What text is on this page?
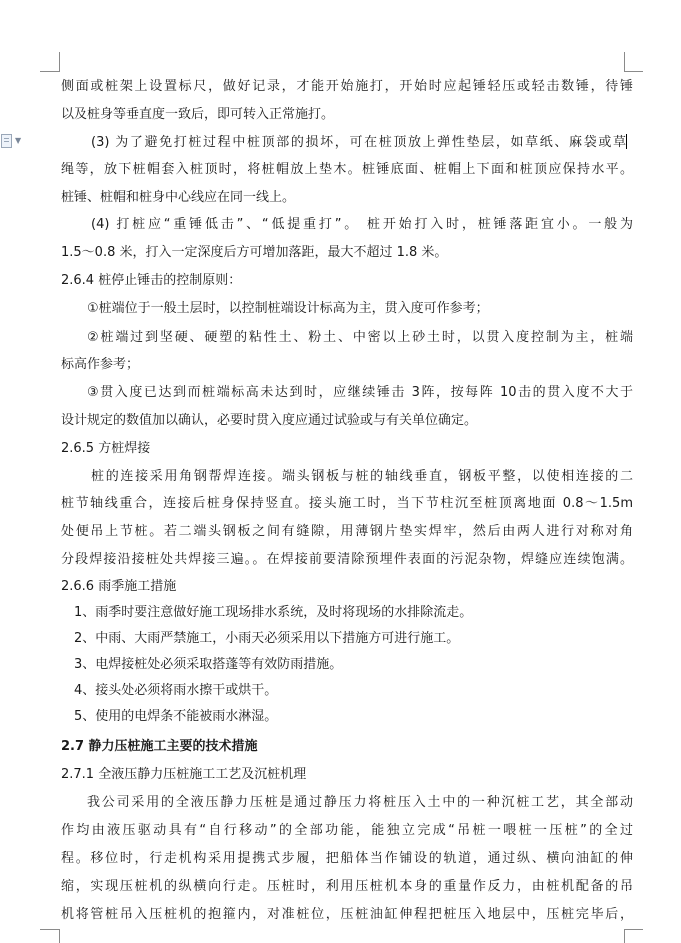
▼
侧面或桩架上设置标尺，做好记录，才能开始施打，开始时应起锤轻压或轻击数锤，待锤
以及桩身等垂直度一致后，即可转入正常施打。
(3) 为了避免打桩过程中桩顶部的损坏，可在桩顶放上弹性垫层，如草纸、麻袋或草
绳等，放下桩帽套入桩顶时，将桩帽放上垫木。桩锤底面、桩帽上下面和桩顶应保持水平。
桩锤、桩帽和桩身中心线应在同一线上。
(4) 打桩应“重锤低击”、“低提重打”。 桩开始打入时，桩锤落距宜小。一般为
1.5～0.8 米，打入一定深度后方可增加落距，最大不超过 1.8 米。
2.6.4 桩停止锤击的控制原则：
①桩端位于一般土层时，以控制桩端设计标高为主，贯入度可作参考；
②桩端过到坚硬、硬塑的粘性土、粉土、中密以上砂土时，以贯入度控制为主，桩端
标高作参考；
③贯入度已达到而桩端标高未达到时，应继续锤击 3阵，按每阵 10击的贯入度不大于
设计规定的数值加以确认，必要时贯入度应通过试验或与有关单位确定。
2.6.5 方桩焊接
桩的连接采用角钢帮焊连接。端头钢板与桩的轴线垂直，钢板平整，以使相连接的二
桩节轴线重合，连接后桩身保持竖直。接头施工时，当下节柱沉至桩顶离地面 0.8～1.5m
处便吊上节桩。若二端头钢板之间有缝隙，用薄钢片垫实焊牢，然后由两人进行对称对角
分段焊接沿接桩处共焊接三遍。。在焊接前要清除预埋件表面的污泥杂物，焊缝应连续饱满。
2.6.6 雨季施工措施
1、雨季时要注意做好施工现场排水系统，及时将现场的水排除流走。
2、中雨、大雨严禁施工，小雨天必须采用以下措施方可进行施工。
3、电焊接桩处必须采取搭蓬等有效防雨措施。
4、接头处必须将雨水擦干或烘干。
5、使用的电焊条不能被雨水淋湿。
2.7 静力压桩施工主要的技术措施
2.7.1 全液压静力压桩施工工艺及沉桩机理
我公司采用的全液压静力压桩是通过静压力将桩压入土中的一种沉桩工艺，其全部动
作均由液压驱动具有“自行移动”的全部功能，能独立完成“吊桩一喂桩一压桩”的全过
程。移位时，行走机构采用提携式步履，把船体当作铺设的轨道，通过纵、横向油缸的伸
缩，实现压桩机的纵横向行走。压桩时，利用压桩机本身的重量作反力，由桩机配备的吊
机将管桩吊入压桩机的抱箍内，对准桩位，压桩油缸伸程把桩压入地层中，压桩完毕后，
